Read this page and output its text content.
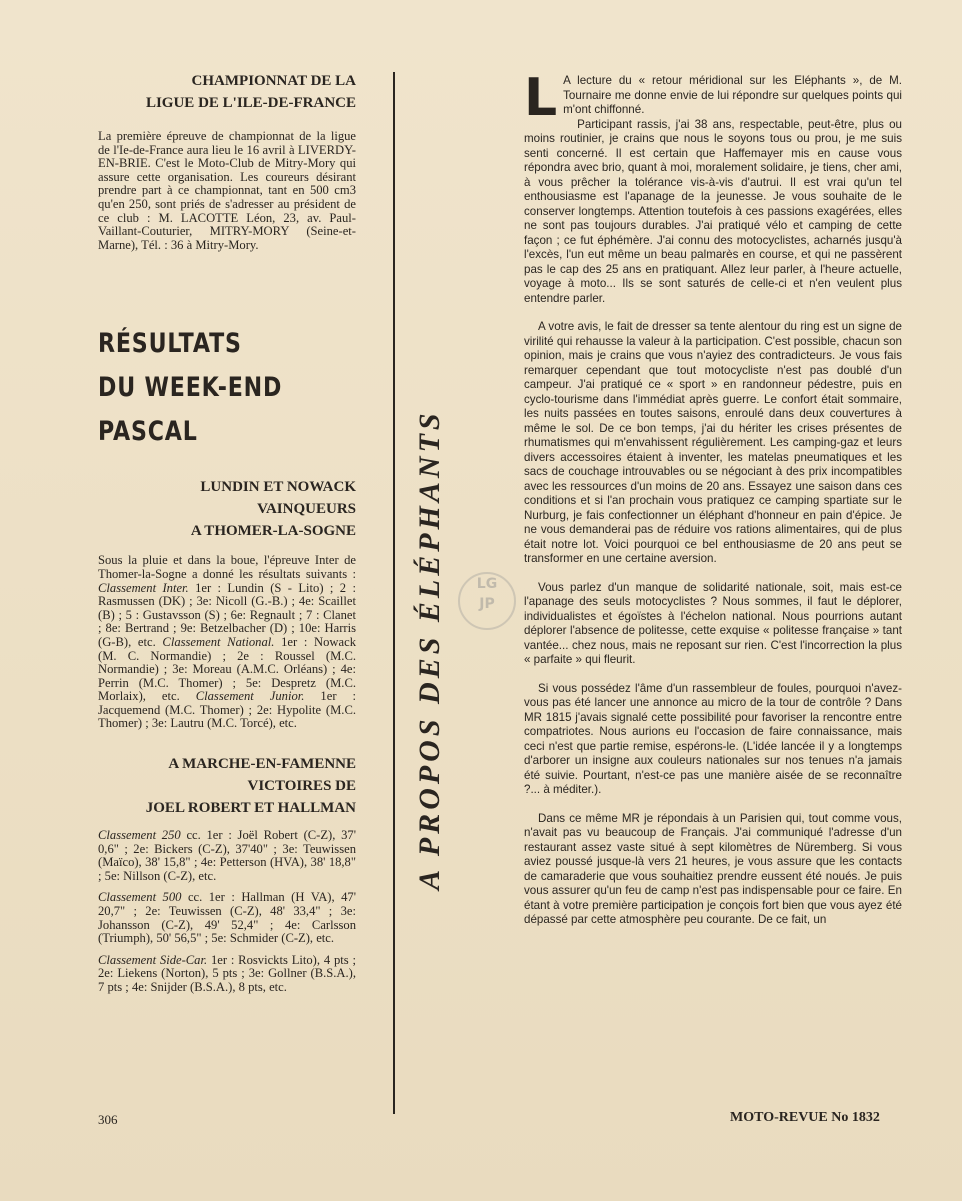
CHAMPIONNAT DE LA

LIGUE DE L'ILE-DE-FRANCE

La première épreuve de championnat de la ligue de l'Ie-de-France aura lieu le 16 avril à LIVERDY-EN-BRIE. C'est le Moto-Club de Mitry-Mory qui assure cette organisation. Les coureurs désirant prendre part à ce championnat, tant en 500 cm3 qu'en 250, sont priés de s'adresser au président de ce club : M. LACOTTE Léon, 23, av. Paul-Vaillant-Couturier, MITRY-MORY (Seine-et-Marne), Tél. : 36 à Mitry-Mory.

RÉSULTATS

DU WEEK-END

PASCAL

LUNDIN ET NOWACK

VAINQUEURS

A THOMER-LA-SOGNE

Sous la pluie et dans la boue, l'épreuve Inter de Thomer-la-Sogne a donné les résultats suivants : Classement Inter. 1er : Lundin (S - Lito) ; 2 : Rasmussen (DK) ; 3e: Nicoll (G.-B.) ; 4e: Scaillet (B) ; 5 : Gustavsson (S) ; 6e: Regnault ; 7 : Clanet ; 8e: Bertrand ; 9e: Betzelbacher (D) ; 10e: Harris (G-B), etc. Classement National. 1er : Nowack (M. C. Normandie) ; 2e : Roussel (M.C. Normandie) ; 3e: Moreau (A.M.C. Orléans) ; 4e: Perrin (M.C. Thomer) ; 5e: Despretz (M.C. Morlaix), etc. Classement Junior. 1er : Jacquemend (M.C. Thomer) ; 2e: Hypolite (M.C. Thomer) ; 3e: Lautru (M.C. Torcé), etc.

A MARCHE-EN-FAMENNE

VICTOIRES DE

JOEL ROBERT ET HALLMAN

Classement 250 cc. 1er : Joël Robert (C-Z), 37' 0,6" ; 2e: Bickers (C-Z), 37'40" ; 3e: Teuwissen (Maïco), 38' 15,8" ; 4e: Petterson (HVA), 38' 18,8" ; 5e: Nillson (C-Z), etc.

Classement 500 cc. 1er : Hallman (H VA), 47' 20,7" ; 2e: Teuwissen (C-Z), 48' 33,4" ; 3e: Johansson (C-Z), 49' 52,4" ; 4e: Carlsson (Triumph), 50' 56,5" ; 5e: Schmider (C-Z), etc.

Classement Side-Car. 1er : Rosvickts Lito), 4 pts ; 2e: Liekens (Norton), 5 pts ; 3e: Gollner (B.S.A.), 7 pts ; 4e: Snijder (B.S.A.), 8 pts, etc.

A PROPOS DES ÉLÉPHANTS	LG
JP

L A lecture du « retour méridional sur les Eléphants », de M. Tournaire me donne envie de lui répondre sur quelques points qui m'ont chiffonné.

Participant rassis, j'ai 38 ans, respectable, peut-être, plus ou moins routinier, je crains que nous le soyons tous ou prou, je me suis senti concerné. Il est certain que Haffemayer mis en cause vous répondra avec brio, quant à moi, moralement solidaire, je tiens, cher ami, à vous prêcher la tolérance vis-à-vis d'autrui. Il est vrai qu'un tel enthousiasme est l'apanage de la jeunesse. Je vous souhaite de le conserver longtemps. Attention toutefois à ces passions exagérées, elles ne sont pas toujours durables. J'ai pratiqué vélo et camping de cette façon ; ce fut éphémère. J'ai connu des motocyclistes, acharnés jusqu'à l'excès, l'un eut même un beau palmarès en course, et qui ne passèrent pas le cap des 25 ans en pratiquant. Allez leur parler, à l'heure actuelle, voyage à moto... Ils se sont saturés de celle-ci et n'en veulent plus entendre parler.

A votre avis, le fait de dresser sa tente alentour du ring est un signe de virilité qui rehausse la valeur à la participation. C'est possible, chacun son opinion, mais je crains que vous n'ayiez des contradicteurs. Je vous fais remarquer cependant que tout motocycliste n'est pas doublé d'un campeur. J'ai pratiqué ce « sport » en randonneur pédestre, puis en cyclo-tourisme dans l'immédiat après guerre. Le confort était sommaire, les nuits passées en toutes saisons, enroulé dans deux couvertures à même le sol. De ce bon temps, j'ai du hériter les crises présentes de rhumatismes qui m'envahissent régulièrement. Les camping-gaz et leurs divers accessoires étaient à inventer, les matelas pneumatiques et les sacs de couchage introuvables ou se négociant à des prix incompatibles avec les ressources d'un moins de 20 ans. Essayez une saison dans ces conditions et si l'an prochain vous pratiquez ce camping spartiate sur le Nurburg, je fais confectionner un éléphant d'honneur en pain d'épice. Je ne vous demanderai pas de réduire vos rations alimentaires, qui de plus était notre lot. Voici pourquoi ce bel enthousiasme de 20 ans peut se transformer en une certaine aversion.

Vous parlez d'un manque de solidarité nationale, soit, mais est-ce l'apanage des seuls motocyclistes ? Nous sommes, il faut le déplorer, individualistes et égoïstes à l'échelon national. Nous pourrions autant déplorer l'absence de politesse, cette exquise « politesse française » tant vantée... chez nous, mais ne reposant sur rien. C'est l'incorrection la plus « parfaite » qui fleurit.

Si vous possédez l'âme d'un rassembleur de foules, pourquoi n'avez-vous pas été lancer une annonce au micro de la tour de contrôle ? Dans MR 1815 j'avais signalé cette possibilité pour favoriser la rencontre entre compatriotes. Nous aurions eu l'occasion de faire connaissance, mais ceci n'est que partie remise, espérons-le. (L'idée lancée il y a longtemps d'arborer un insigne aux couleurs nationales sur nos tenues n'a jamais été suivie. Pourtant, n'est-ce pas une manière aisée de se reconnaître ?... à méditer.).

Dans ce même MR je répondais à un Parisien qui, tout comme vous, n'avait pas vu beaucoup de Français. J'ai communiqué l'adresse d'un restaurant assez vaste situé à sept kilomètres de Nüremberg. Si vous aviez poussé jusque-là vers 21 heures, je vous assure que les contacts de camaraderie que vous souhaitiez prendre eussent été noués. Je puis vous assurer qu'un feu de camp n'est pas indispensable pour ce faire. En étant à votre première participation je conçois fort bien que vous ayez été dépassé par cette atmosphère peu courante. De ce fait, un

306	MOTO-REVUE No 1832
